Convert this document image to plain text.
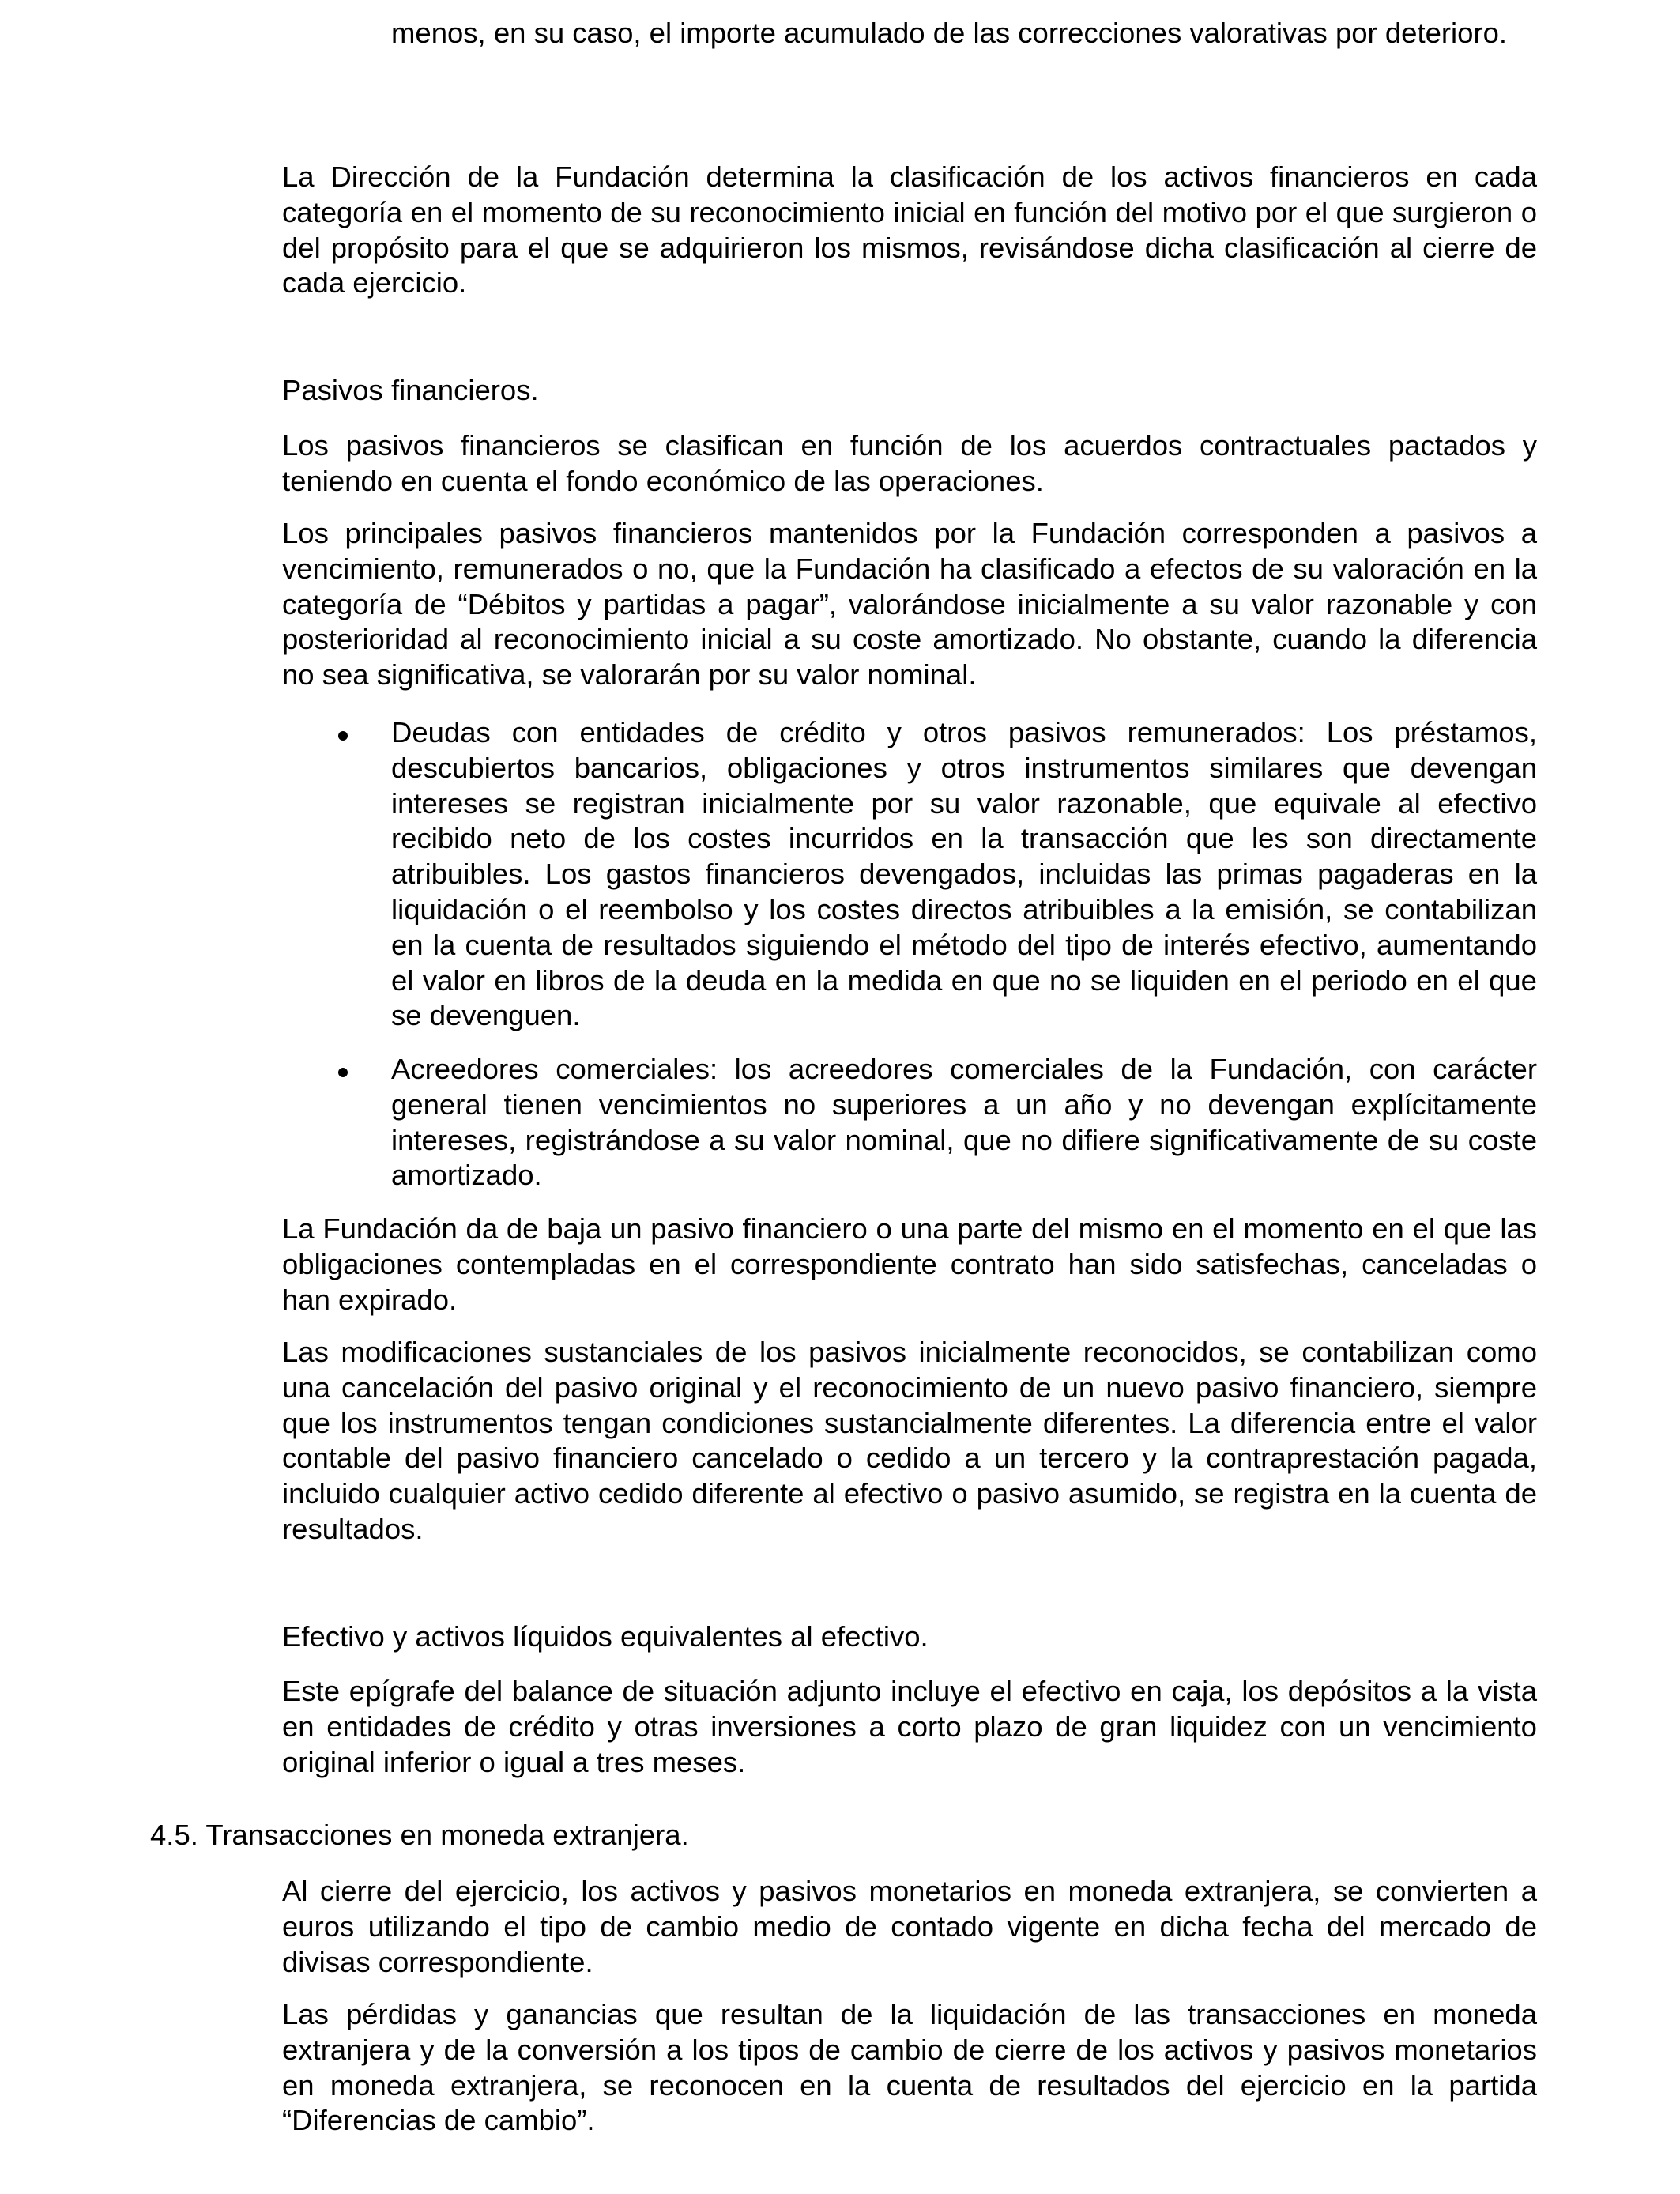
menos, en su caso, el importe acumulado de las correcciones valorativas por deterioro.

La Dirección de la Fundación determina la clasificación de los activos financieros en cada categoría en el momento de su reconocimiento inicial en función del motivo por el que surgieron o del propósito para el que se adquirieron los mismos, revisándose dicha clasificación al cierre de cada ejercicio.

Pasivos financieros.

Los pasivos financieros se clasifican en función de los acuerdos contractuales pactados y teniendo en cuenta el fondo económico de las operaciones.

Los principales pasivos financieros mantenidos por la Fundación corresponden a pasivos a vencimiento, remunerados o no, que la Fundación ha clasificado a efectos de su valoración en la categoría de “Débitos y partidas a pagar”, valorándose inicialmente a su valor razonable y con posterioridad al reconocimiento inicial a su coste amortizado. No obstante, cuando la diferencia no sea significativa, se valorarán por su valor nominal.

Deudas con entidades de crédito y otros pasivos remunerados: Los préstamos, descubiertos bancarios, obligaciones y otros instrumentos similares que devengan intereses se registran inicialmente por su valor razonable, que equivale al efectivo recibido neto de los costes incurridos en la transacción que les son directamente atribuibles. Los gastos financieros devengados, incluidas las primas pagaderas en la liquidación o el reembolso y los costes directos atribuibles a la emisión, se contabilizan en la cuenta de resultados siguiendo el método del tipo de interés efectivo, aumentando el valor en libros de la deuda en la medida en que no se liquiden en el periodo en el que se devenguen.

Acreedores comerciales: los acreedores comerciales de la Fundación, con carácter general tienen vencimientos no superiores a un año y no devengan explícitamente intereses, registrándose a su valor nominal, que no difiere significativamente de su coste amortizado.

La Fundación da de baja un pasivo financiero o una parte del mismo en el momento en el que las obligaciones contempladas en el correspondiente contrato han sido satisfechas, canceladas o han expirado.

Las modificaciones sustanciales de los pasivos inicialmente reconocidos, se contabilizan como una cancelación del pasivo original y el reconocimiento de un nuevo pasivo financiero, siempre que los instrumentos tengan condiciones sustancialmente diferentes. La diferencia entre el valor contable del pasivo financiero cancelado o cedido a un tercero y la contraprestación pagada, incluido cualquier activo cedido diferente al efectivo o pasivo asumido, se registra en la cuenta de resultados.

Efectivo y activos líquidos equivalentes al efectivo.

Este epígrafe del balance de situación adjunto incluye el efectivo en caja, los depósitos a la vista en entidades de crédito y otras inversiones a corto plazo de gran liquidez con un vencimiento original inferior o igual a tres meses.

4.5. Transacciones en moneda extranjera.

Al cierre del ejercicio, los activos y pasivos monetarios en moneda extranjera, se convierten a euros utilizando el tipo de cambio medio de contado vigente en dicha fecha del mercado de divisas correspondiente.

Las pérdidas y ganancias que resultan de la liquidación de las transacciones en moneda extranjera y de la conversión a los tipos de cambio de cierre de los activos y pasivos monetarios en moneda extranjera, se reconocen en la cuenta de resultados del ejercicio en la partida “Diferencias de cambio”.
